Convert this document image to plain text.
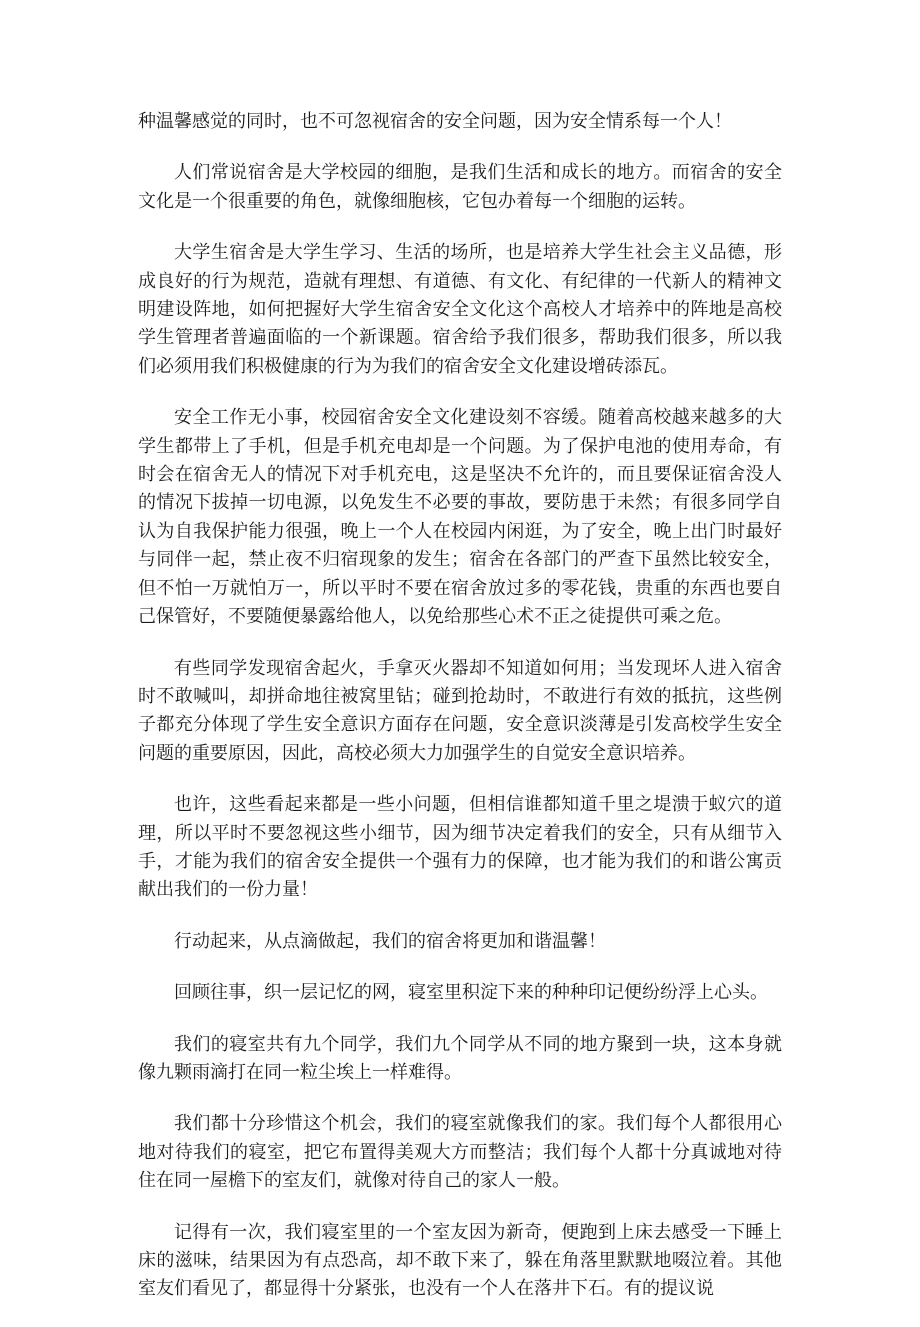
种温馨感觉的同时，也不可忽视宿舍的安全问题，因为安全情系每一个人！

人们常说宿舍是大学校园的细胞，是我们生活和成长的地方。而宿舍的安全文化是一个很重要的角色，就像细胞核，它包办着每一个细胞的运转。

大学生宿舍是大学生学习、生活的场所，也是培养大学生社会主义品德，形成良好的行为规范，造就有理想、有道德、有文化、有纪律的一代新人的精神文明建设阵地，如何把握好大学生宿舍安全文化这个高校人才培养中的阵地是高校学生管理者普遍面临的一个新课题。宿舍给予我们很多，帮助我们很多，所以我们必须用我们积极健康的行为为我们的宿舍安全文化建设增砖添瓦。

安全工作无小事，校园宿舍安全文化建设刻不容缓。随着高校越来越多的大学生都带上了手机，但是手机充电却是一个问题。为了保护电池的使用寿命，有时会在宿舍无人的情况下对手机充电，这是坚决不允许的，而且要保证宿舍没人的情况下拔掉一切电源，以免发生不必要的事故，要防患于未然；有很多同学自认为自我保护能力很强，晚上一个人在校园内闲逛，为了安全，晚上出门时最好与同伴一起，禁止夜不归宿现象的发生；宿舍在各部门的严查下虽然比较安全，但不怕一万就怕万一，所以平时不要在宿舍放过多的零花钱，贵重的东西也要自己保管好，不要随便暴露给他人，以免给那些心术不正之徒提供可乘之危。

有些同学发现宿舍起火，手拿灭火器却不知道如何用；当发现坏人进入宿舍时不敢喊叫，却拼命地往被窝里钻；碰到抢劫时，不敢进行有效的抵抗，这些例子都充分体现了学生安全意识方面存在问题，安全意识淡薄是引发高校学生安全问题的重要原因，因此，高校必须大力加强学生的自觉安全意识培养。

也许，这些看起来都是一些小问题，但相信谁都知道千里之堤溃于蚁穴的道理，所以平时不要忽视这些小细节，因为细节决定着我们的安全，只有从细节入手，才能为我们的宿舍安全提供一个强有力的保障，也才能为我们的和谐公寓贡献出我们的一份力量！

行动起来，从点滴做起，我们的宿舍将更加和谐温馨！

回顾往事，织一层记忆的网，寝室里积淀下来的种种印记便纷纷浮上心头。

我们的寝室共有九个同学，我们九个同学从不同的地方聚到一块，这本身就像九颗雨滴打在同一粒尘埃上一样难得。

我们都十分珍惜这个机会，我们的寝室就像我们的家。我们每个人都很用心地对待我们的寝室，把它布置得美观大方而整洁；我们每个人都十分真诚地对待住在同一屋檐下的室友们，就像对待自己的家人一般。

记得有一次，我们寝室里的一个室友因为新奇，便跑到上床去感受一下睡上床的滋味，结果因为有点恐高，却不敢下来了，躲在角落里默默地啜泣着。其他室友们看见了，都显得十分紧张，也没有一个人在落井下石。有的提议说
